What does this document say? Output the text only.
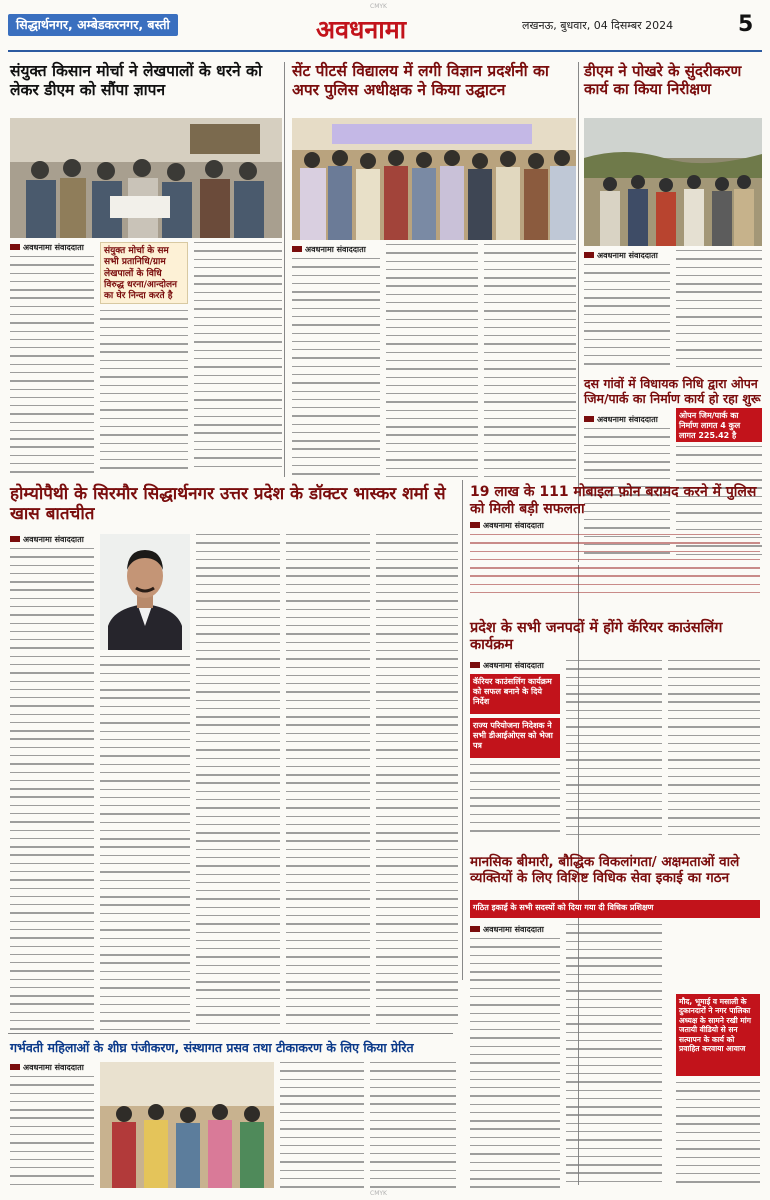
CMYK
सिद्धार्थनगर, अम्बेडकरनगर, बस्ती	अवधनामा	लखनऊ, बुधवार, 04 दिसम्बर 2024	5
संयुक्त किसान मोर्चा ने लेखपालों के धरने को लेकर डीएम को सौंपा ज्ञापन
अवधनामा संवाददाता संयुक्त मोर्चा के सम सभी प्रतानिधि/ग्राम लेखपालों के विधि विरुद्ध धरना/आन्दोलन का घेर निन्दा करते है
सेंट पीटर्स विद्यालय में लगी विज्ञान प्रदर्शनी का अपर पुलिस अधीक्षक ने किया उद्घाटन
अवधनामा संवाददाता
डीएम ने पोखरे के सुंदरीकरण कार्य का किया निरीक्षण
अवधनामा संवाददाता
दस गांवों में विधायक निधि द्वारा ओपन जिम/पार्क का निर्माण कार्य हो रहा शुरू
अवधनामा संवाददाता	ओपन जिम/पार्क का निर्माण लागत 4 कुल लागत 225.42 है
होम्योपैथी के सिरमौर सिद्धार्थनगर उत्तर प्रदेश के डॉक्टर भास्कर शर्मा से खास बातचीत
अवधनामा संवाददाता
19 लाख के 111 मोबाइल फ़ोन बरामद करने में पुलिस को मिली बड़ी सफलता
अवधनामा संवाददाता
प्रदेश के सभी जनपदों में होंगे कॅरियर काउंसलिंग कार्यक्रम
अवधनामा संवाददाता
कॅरियर काउंसलिंग कार्यक्रम को सफल बनाने के दिये निर्देश
राज्य परियोजना निदेशक ने सभी डीआईओएस को भेजा पत्र
मानसिक बीमारी, बौद्धिक विकलांगता/ अक्षमताओं वाले व्यक्तियों के लिए विशिष्ट विधिक सेवा इकाई का गठन
गठित इकाई के सभी सदस्यों को दिया गया दी विधिक प्रशिक्षण
अवधनामा संवाददाता
मौद, भूमाई व मसाली के दुकानदारों ने नगर पालिका अध्यक्ष के सामने रखी मांग जतायी वीडियो से सन सत्यापन के कार्य को प्रवाहित करवाया आवाज
गर्भवती महिलाओं के शीघ्र पंजीकरण, संस्थागत प्रसव तथा टीकाकरण के लिए किया प्रेरित
अवधनामा संवाददाता
CMYK
